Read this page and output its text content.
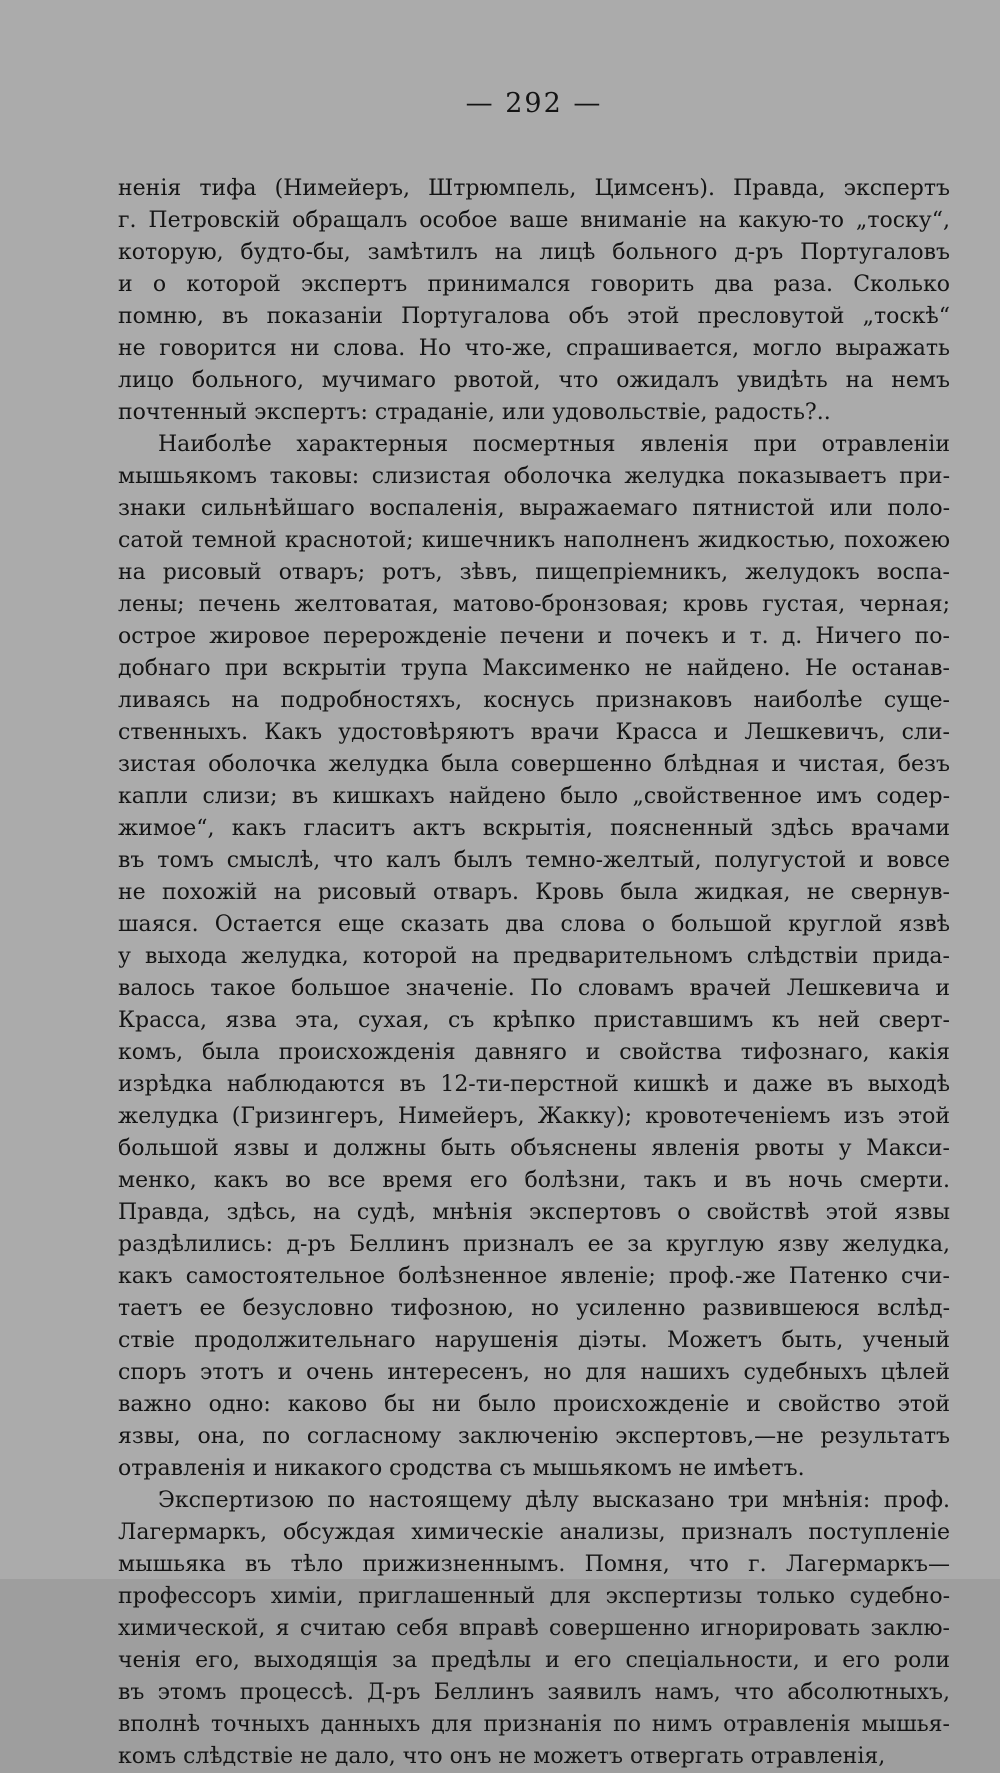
— 292 —
ненія тифа (Нимейеръ, Штрюмпель, Цимсенъ). Правда, экспертъ
г. Петровскій обращалъ особое ваше вниманіе на какую-то „тоску“,
которую, будто-бы, замѣтилъ на лицѣ больного д-ръ Португаловъ
и о которой экспертъ принимался говорить два раза. Сколько
помню, въ показаніи Португалова объ этой пресловутой „тоскѣ“
не говорится ни слова. Но что-же, спрашивается, могло выражать
лицо больного, мучимаго рвотой, что ожидалъ увидѣть на немъ
почтенный экспертъ: страданіе, или удовольствіе, радость?..
Наиболѣе характерныя посмертныя явленія при отравленіи
мышьякомъ таковы: слизистая оболочка желудка показываетъ при-
знаки сильнѣйшаго воспаленія, выражаемаго пятнистой или поло-
сатой темной краснотой; кишечникъ наполненъ жидкостью, похожею
на рисовый отваръ; ротъ, зѣвъ, пищепріемникъ, желудокъ воспа-
лены; печень желтоватая, матово-бронзовая; кровь густая, черная;
острое жировое перерожденіе печени и почекъ и т. д. Ничего по-
добнаго при вскрытіи трупа Максименко не найдено. Не останав-
ливаясь на подробностяхъ, коснусь признаковъ наиболѣе суще-
ственныхъ. Какъ удостовѣряютъ врачи Красса и Лешкевичъ, сли-
зистая оболочка желудка была совершенно блѣдная и чистая, безъ
капли слизи; въ кишкахъ найдено было „свойственное имъ содер-
жимое“, какъ гласитъ актъ вскрытія, поясненный здѣсь врачами
въ томъ смыслѣ, что калъ былъ темно-желтый, полугустой и вовсе
не похожій на рисовый отваръ. Кровь была жидкая, не свернув-
шаяся. Остается еще сказать два слова о большой круглой язвѣ
у выхода желудка, которой на предварительномъ слѣдствіи прида-
валось такое большое значеніе. По словамъ врачей Лешкевича и
Красса, язва эта, сухая, съ крѣпко приставшимъ къ ней сверт-
комъ, была происхожденія давняго и свойства тифознаго, какія
изрѣдка наблюдаются въ 12-ти-перстной кишкѣ и даже въ выходѣ
желудка (Гризингеръ, Нимейеръ, Жакку); кровотеченіемъ изъ этой
большой язвы и должны быть объяснены явленія рвоты у Макси-
менко, какъ во все время его болѣзни, такъ и въ ночь смерти.
Правда, здѣсь, на судѣ, мнѣнія экспертовъ о свойствѣ этой язвы
раздѣлились: д-ръ Беллинъ призналъ ее за круглую язву желудка,
какъ самостоятельное болѣзненное явленіе; проф.-же Патенко счи-
таетъ ее безусловно тифозною, но усиленно развившеюся вслѣд-
ствіе продолжительнаго нарушенія діэты. Можетъ быть, ученый
споръ этотъ и очень интересенъ, но для нашихъ судебныхъ цѣлей
важно одно: каково бы ни было происхожденіе и свойство этой
язвы, она, по согласному заключенію экспертовъ,—не результатъ
отравленія и никакого сродства съ мышьякомъ не имѣетъ.
Экспертизою по настоящему дѣлу высказано три мнѣнія: проф.
Лагермаркъ, обсуждая химическіе анализы, призналъ поступленіе
мышьяка въ тѣло прижизненнымъ. Помня, что г. Лагермаркъ—
профессоръ химіи, приглашенный для экспертизы только судебно-
химической, я считаю себя вправѣ совершенно игнорировать заклю-
ченія его, выходящія за предѣлы и его спеціальности, и его роли
въ этомъ процессѣ. Д-ръ Беллинъ заявилъ намъ, что абсолютныхъ,
вполнѣ точныхъ данныхъ для признанія по нимъ отравленія мышья-
комъ слѣдствіе не дало, что онъ не можетъ отвергать отравленія,
